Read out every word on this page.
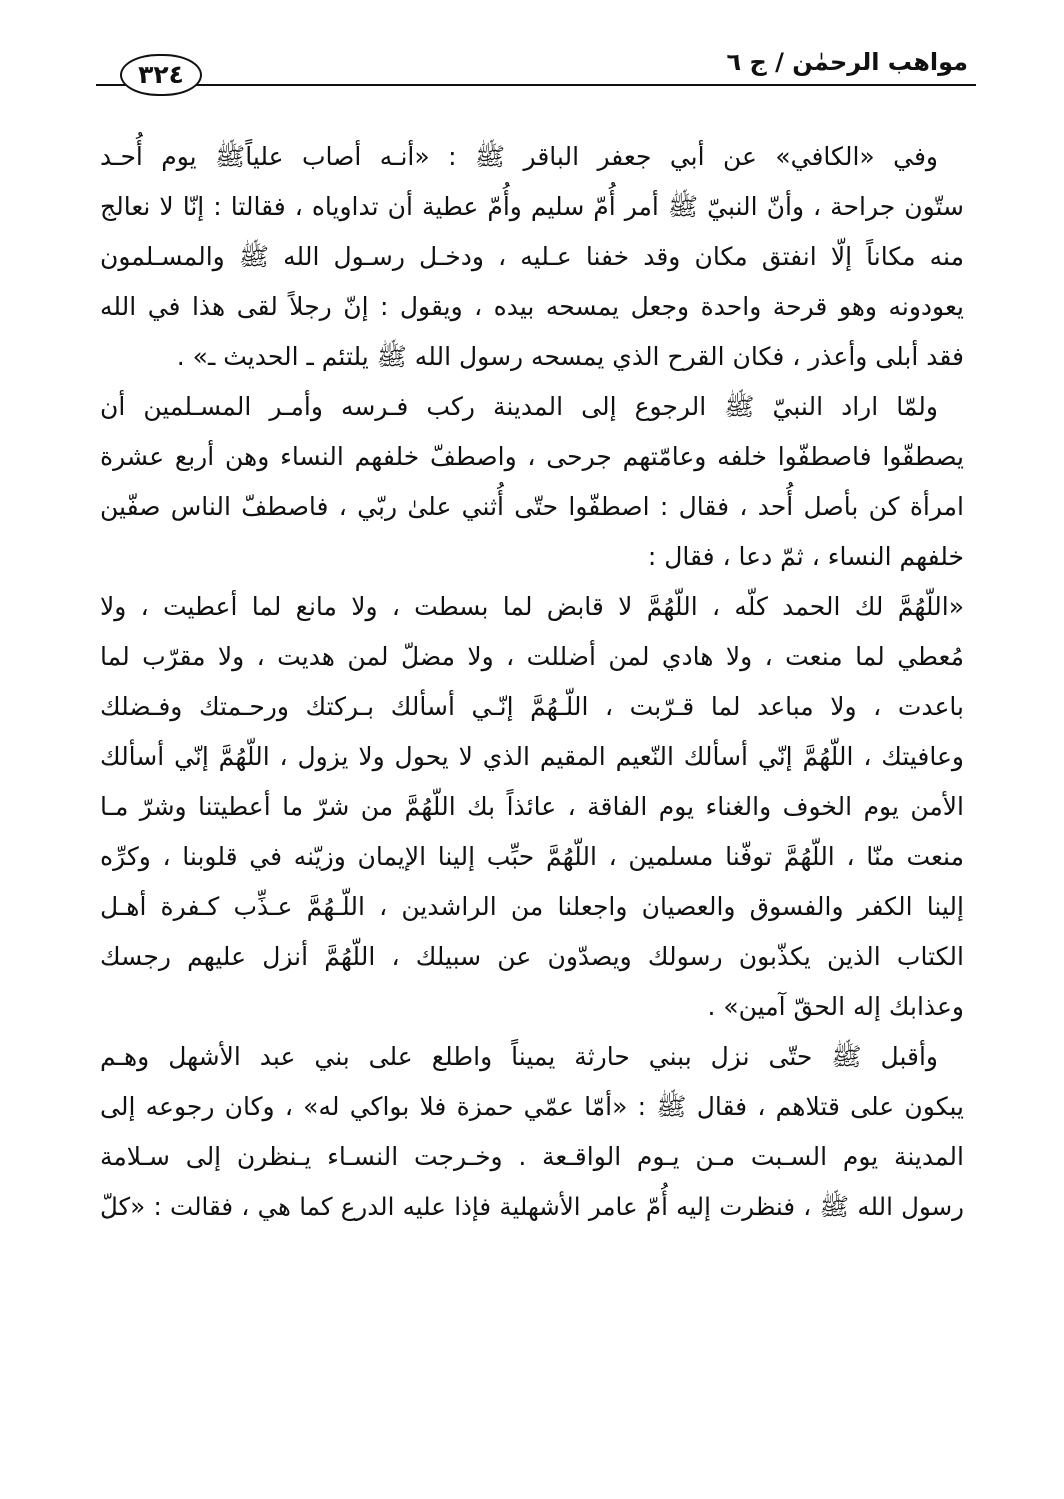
مواهب الرحمٰن / ج ٦
٣٢٤
وفي «الكافي» عن أبي جعفر الباقر ﷺ : «أنـه أصاب علياًﷺ يوم أُحـد
ستّون جراحة ، وأنّ النبيّ ﷺ أمر أُمّ سليم وأُمّ عطية أن تداوياه ، فقالتا : إنّا لا نعالج
منه مكاناً إلّا انفتق مكان وقد خفنا عـليه ، ودخـل رسـول الله ﷺ والمسـلمون
يعودونه وهو قرحة واحدة وجعل يمسحه بيده ، ويقول : إنّ رجلاً لقى هذا في الله
فقد أبلى وأعذر ، فكان القرح الذي يمسحه رسول الله ﷺ يلتئم ـ الحديث ـ» .
ولمّا اراد النبيّ ﷺ الرجوع إلى المدينة ركب فـرسه وأمـر المسـلمين أن
يصطفّوا فاصطفّوا خلفه وعامّتهم جرحى ، واصطفّ خلفهم النساء وهن أربع عشرة
امرأة كن بأصل أُحد ، فقال : اصطفّوا حتّى أُثني علىٰ ربّي ، فاصطفّ الناس صفّين
خلفهم النساء ، ثمّ دعا ، فقال :
«اللّهُمَّ لك الحمد كلّه ، اللّهُمَّ لا قابض لما بسطت ، ولا مانع لما أعطيت ، ولا
مُعطي لما منعت ، ولا هادي لمن أضللت ، ولا مضلّ لمن هديت ، ولا مقرّب لما
باعدت ، ولا مباعد لما قـرّبت ، اللّـهُمَّ إنّـي أسألك بـركتك ورحـمتك وفـضلك
وعافيتك ، اللّهُمَّ إنّي أسألك النّعيم المقيم الذي لا يحول ولا يزول ، اللّهُمَّ إنّي أسألك
الأمن يوم الخوف والغناء يوم الفاقة ، عائذاً بك اللّهُمَّ من شرّ ما أعطيتنا وشرّ مـا
منعت منّا ، اللّهُمَّ توفّنا مسلمين ، اللّهُمَّ حبِّب إلينا الإيمان وزيّنه في قلوبنا ، وكرِّه
إلينا الكفر والفسوق والعصيان واجعلنا من الراشدين ، اللّـهُمَّ عـذِّب كـفرة أهـل
الكتاب الذين يكذّبون رسولك ويصدّون عن سبيلك ، اللّهُمَّ أنزل عليهم رجسك
وعذابك إله الحقّ آمين» .
وأقبل ﷺ حتّى نزل ببني حارثة يميناً واطلع على بني عبد الأشهل وهـم
يبكون على قتلاهم ، فقال ﷺ : «أمّا عمّي حمزة فلا بواكي له» ، وكان رجوعه إلى
المدينة يوم السـبت مـن يـوم الواقـعة . وخـرجت النسـاء يـنظرن إلى سـلامة
رسول الله ﷺ ، فنظرت إليه أُمّ عامر الأشهلية فإذا عليه الدرع كما هي ، فقالت : «كلّ
